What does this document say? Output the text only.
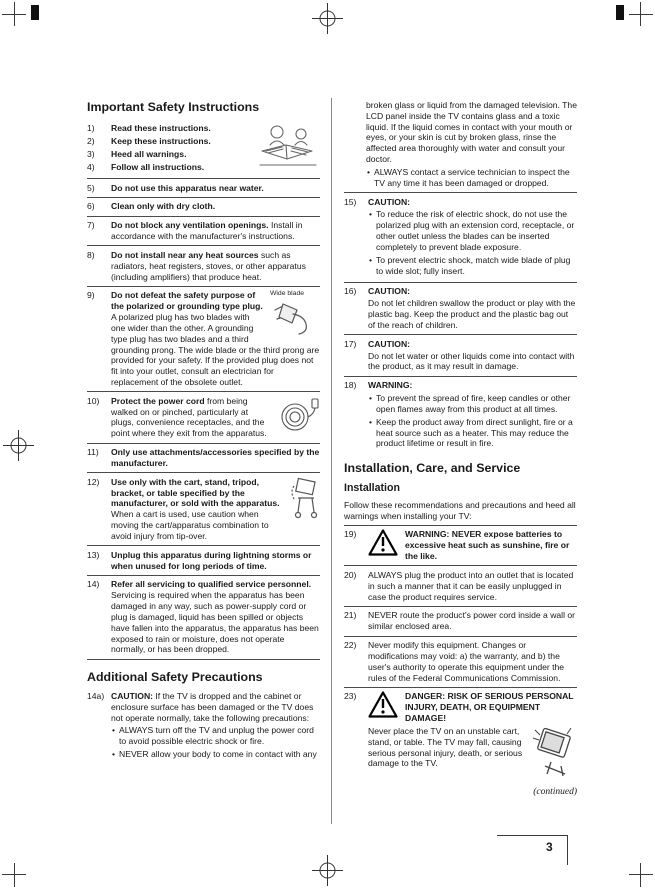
Important Safety Instructions
1)	Read these instructions.
2)	Keep these instructions.
3)	Heed all warnings.
4)	Follow all instructions.
5)	Do not use this apparatus near water.
6)	Clean only with dry cloth.
7)	Do not block any ventilation openings. Install in accordance with the manufacturer's instructions.
8)	Do not install near any heat sources such as radiators, heat registers, stoves, or other apparatus (including amplifiers) that produce heat.
9)	Wide blade
Do not defeat the safety purpose of the polarized or grounding type plug. A polarized plug has two blades with one wider than the other. A grounding type plug has two blades and a third grounding prong. The wide blade or the third prong are provided for your safety. If the provided plug does not fit into your outlet, consult an electrician for replacement of the obsolete outlet.
10)	Protect the power cord from being walked on or pinched, particularly at plugs, convenience receptacles, and the point where they exit from the apparatus.
11)	Only use attachments/accessories specified by the manufacturer.
12)	Use only with the cart, stand, tripod, bracket, or table specified by the manufacturer, or sold with the apparatus. When a cart is used, use caution when moving the cart/apparatus combination to avoid injury from tip-over.
13)	Unplug this apparatus during lightning storms or when unused for long periods of time.
14)	Refer all servicing to qualified service personnel. Servicing is required when the apparatus has been damaged in any way, such as power-supply cord or plug is damaged, liquid has been spilled or objects have fallen into the apparatus, the apparatus has been exposed to rain or moisture, does not operate normally, or has been dropped.
Additional Safety Precautions
14a) CAUTION: If the TV is dropped and the cabinet or enclosure surface has been damaged or the TV does not operate normally, take the following precautions:
• ALWAYS turn off the TV and unplug the power cord to avoid possible electric shock or fire.
• NEVER allow your body to come in contact with any
broken glass or liquid from the damaged television. The LCD panel inside the TV contains glass and a toxic liquid. If the liquid comes in contact with your mouth or eyes, or your skin is cut by broken glass, rinse the affected area thoroughly with water and consult your doctor.
• ALWAYS contact a service technician to inspect the TV any time it has been damaged or dropped.
15)	CAUTION:
• To reduce the risk of electric shock, do not use the polarized plug with an extension cord, receptacle, or other outlet unless the blades can be inserted completely to prevent blade exposure.
• To prevent electric shock, match wide blade of plug to wide slot; fully insert.
16)	CAUTION:
Do not let children swallow the product or play with the plastic bag. Keep the product and the plastic bag out of the reach of children.
17)	CAUTION:
Do not let water or other liquids come into contact with the product, as it may result in damage.
18)	WARNING:
• To prevent the spread of fire, keep candles or other open flames away from this product at all times.
• Keep the product away from direct sunlight, fire or a heat source such as a heater. This may reduce the product lifetime or result in fire.
Installation, Care, and Service
Installation
Follow these recommendations and precautions and heed all warnings when installing your TV:
19)	WARNING: NEVER expose batteries to excessive heat such as sunshine, fire or the like.
20)	ALWAYS plug the product into an outlet that is located in such a manner that it can be easily unplugged in case the product requires service.
21)	NEVER route the product's power cord inside a wall or similar enclosed area.
22)	Never modify this equipment. Changes or modifications may void: a) the warranty, and b) the user's authority to operate this equipment under the rules of the Federal Communications Commission.
23)	DANGER: RISK OF SERIOUS PERSONAL INJURY, DEATH, OR EQUIPMENT DAMAGE!
Never place the TV on an unstable cart, stand, or table. The TV may fall, causing serious personal injury, death, or serious damage to the TV.
(continued)
3
